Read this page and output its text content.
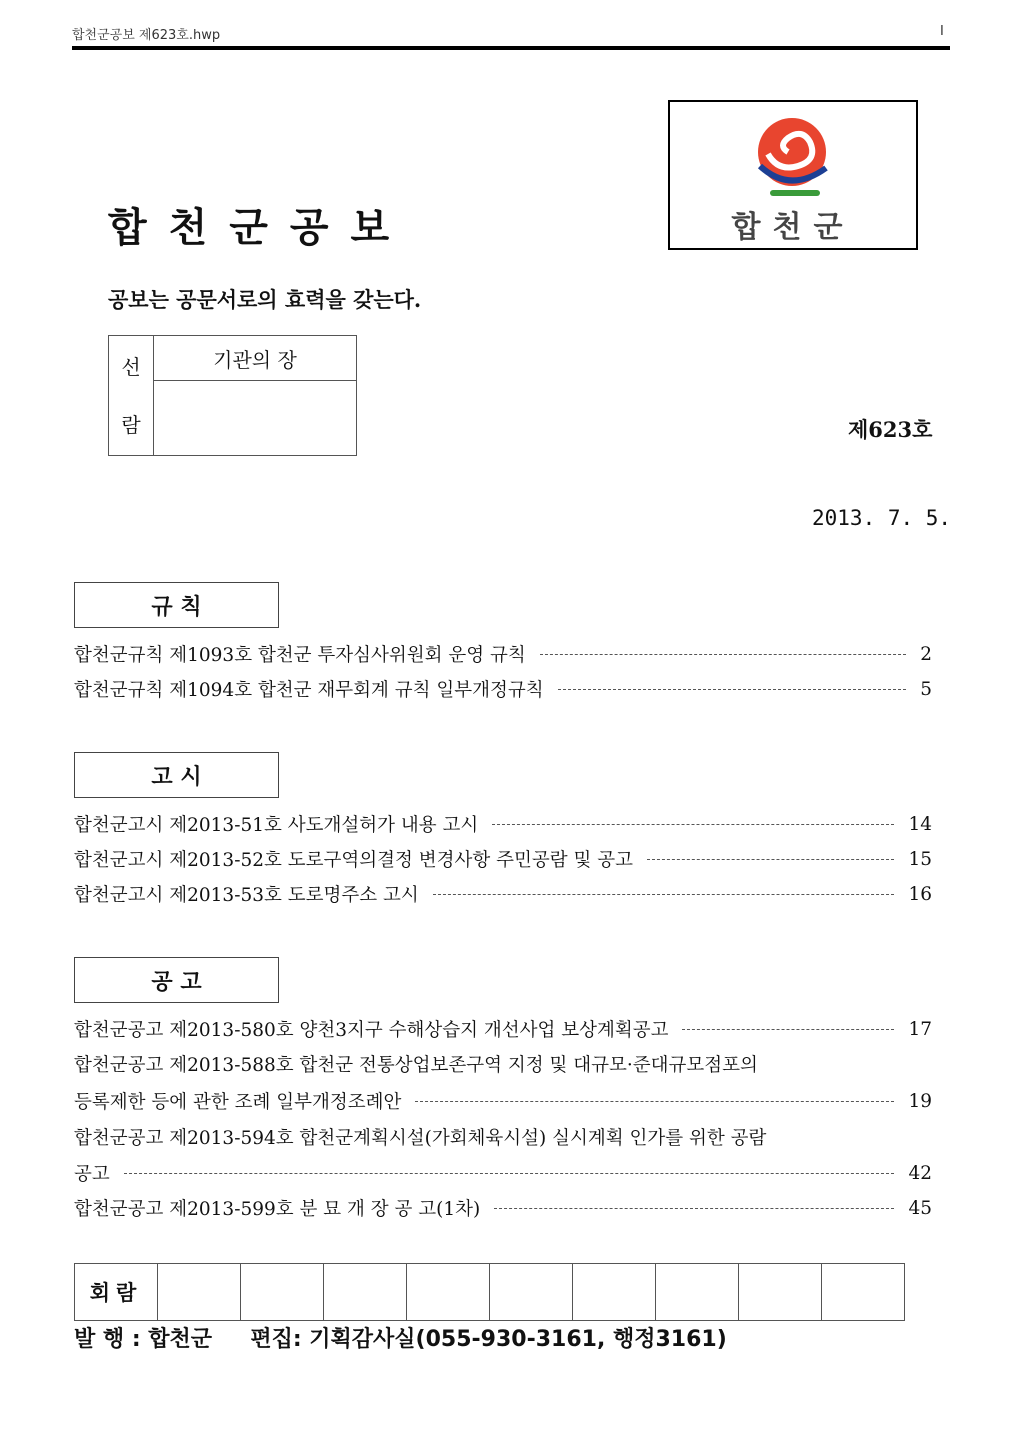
합천군공보 제623호.hwp	I
합천군공보	합천군
공보는 공문서로의 효력을 갖는다.
선
람
	기관의 장

제623호
2013. 7. 5.
규 칙
합천군규칙 제1093호 합천군 투자심사위원회 운영 규칙	2
합천군규칙 제1094호 합천군 재무회계 규칙 일부개정규칙	5
고 시
합천군고시 제2013-51호 사도개설허가 내용 고시	14
합천군고시 제2013-52호 도로구역의결정 변경사항 주민공람 및 공고	15
합천군고시 제2013-53호 도로명주소 고시	16
공 고
합천군공고 제2013-580호 양천3지구 수해상습지 개선사업 보상계획공고	17
합천군공고 제2013-588호 합천군 전통상업보존구역 지정 및 대규모·준대규모점포의
등록제한 등에 관한 조례 일부개정조례안	19
합천군공고 제2013-594호 합천군계획시설(가회체육시설) 실시계획 인가를 위한 공람
공고	42
합천군공고 제2013-599호 분 묘 개 장 공 고(1차)	45
회람									
발 행 : 합천군     편집: 기획감사실(055-930-3161, 행정3161)
